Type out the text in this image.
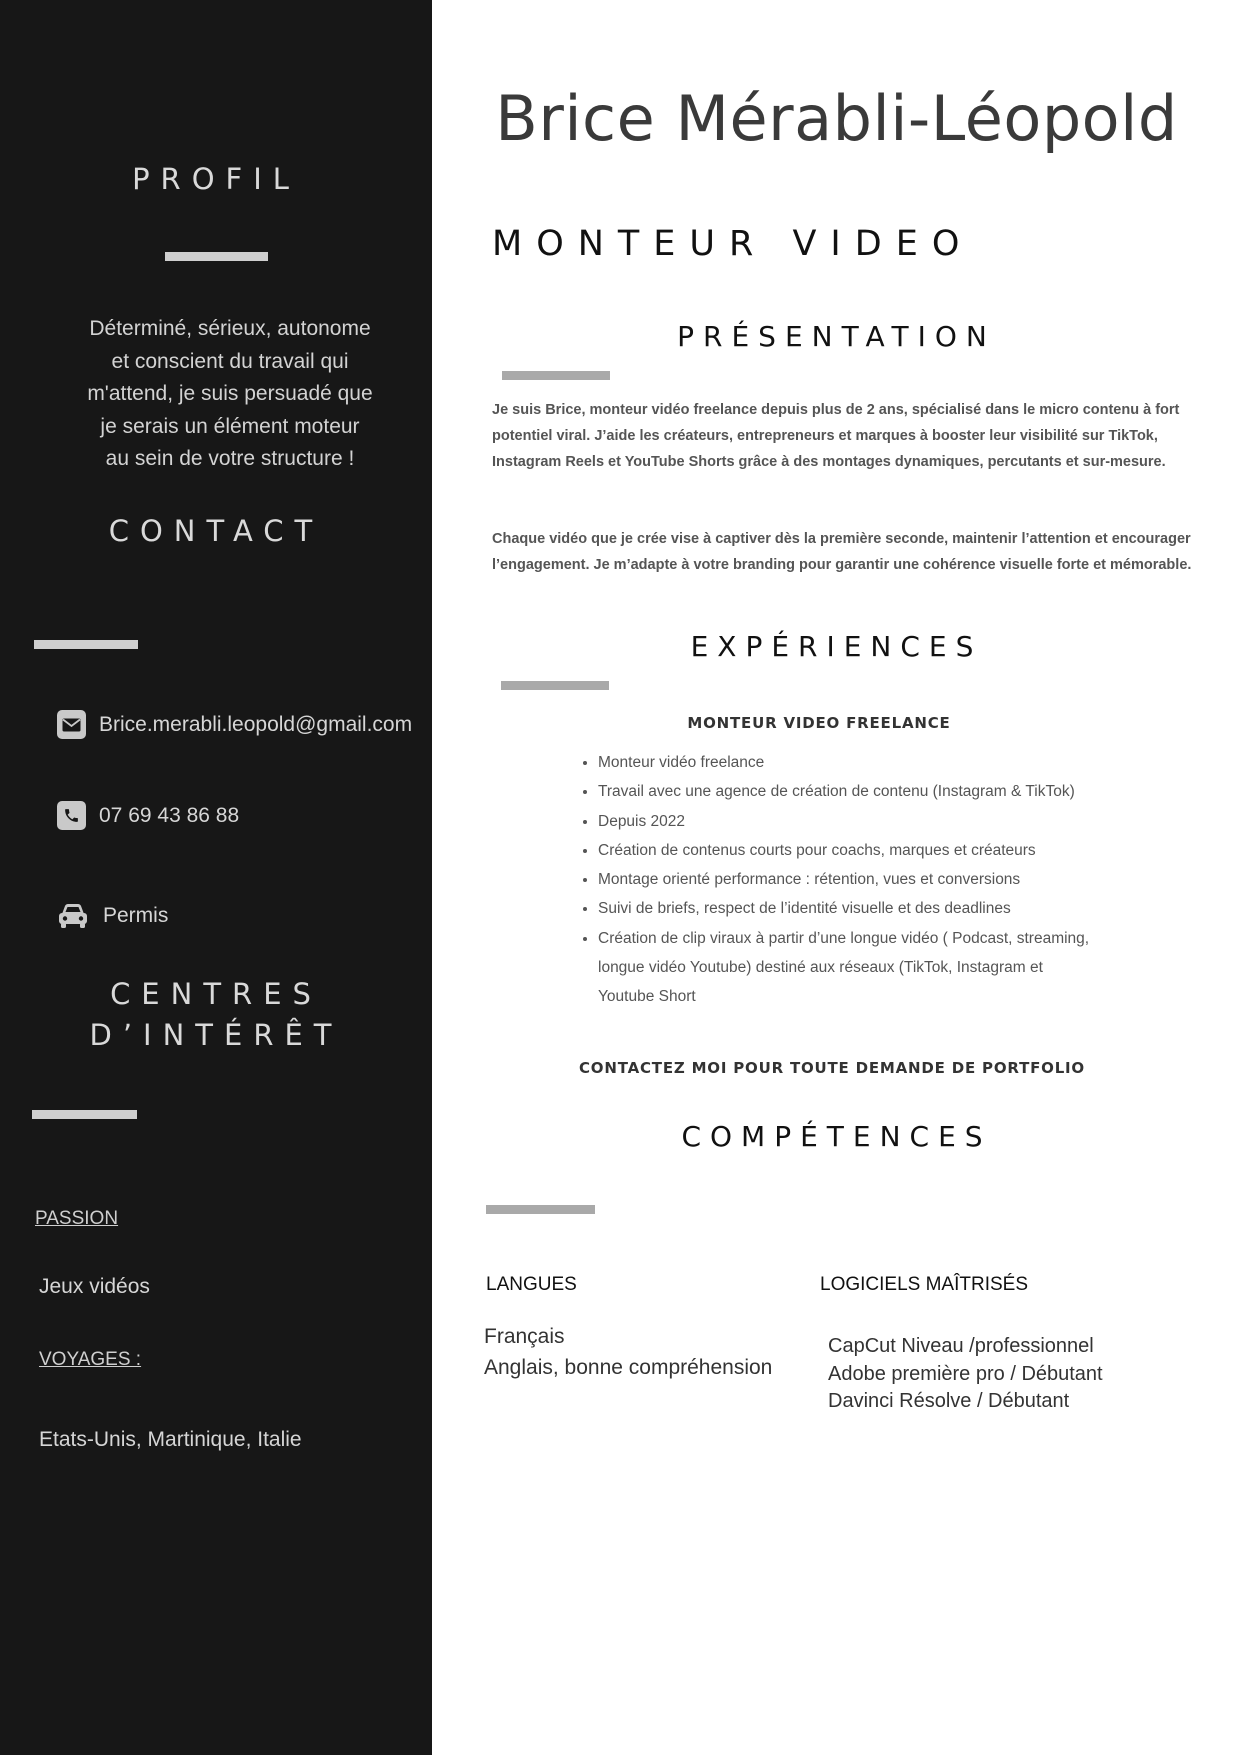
PROFIL
Déterminé, sérieux, autonome
et conscient du travail qui
m'attend, je suis persuadé que
je serais un élément moteur
au sein de votre structure !
CONTACT
Brice.merabli.leopold@gmail.com
07 69 43 86 88
Permis
CENTRES
D’INTÉRÊT
PASSION
Jeux vidéos
VOYAGES :
Etats-Unis, Martinique, Italie
Brice Mérabli-Léopold
MONTEUR VIDEO
PRÉSENTATION
Je suis Brice, monteur vidéo freelance depuis plus de 2 ans, spécialisé dans le micro contenu à fort potentiel viral. J’aide les créateurs, entrepreneurs et marques à booster leur visibilité sur TikTok, Instagram Reels et YouTube Shorts grâce à des montages dynamiques, percutants et sur-mesure.
Chaque vidéo que je crée vise à captiver dès la première seconde, maintenir l’attention et encourager l’engagement. Je m’adapte à votre branding pour garantir une cohérence visuelle forte et mémorable.
EXPÉRIENCES
MONTEUR VIDEO FREELANCE
• Monteur vidéo freelance
• Travail avec une agence de création de contenu (Instagram & TikTok)
• Depuis 2022
• Création de contenus courts pour coachs, marques et créateurs
• Montage orienté performance : rétention, vues et conversions
• Suivi de briefs, respect de l’identité visuelle et des deadlines
• Création de clip viraux à partir d’une longue vidéo ( Podcast, streaming, longue vidéo Youtube) destiné aux réseaux (TikTok, Instagram et Youtube Short
CONTACTEZ MOI POUR TOUTE DEMANDE DE PORTFOLIO
COMPÉTENCES
LANGUES
Français
Anglais, bonne compréhension
LOGICIELS MAÎTRISÉS
CapCut Niveau /professionnel
Adobe première pro / Débutant
Davinci Résolve / Débutant
